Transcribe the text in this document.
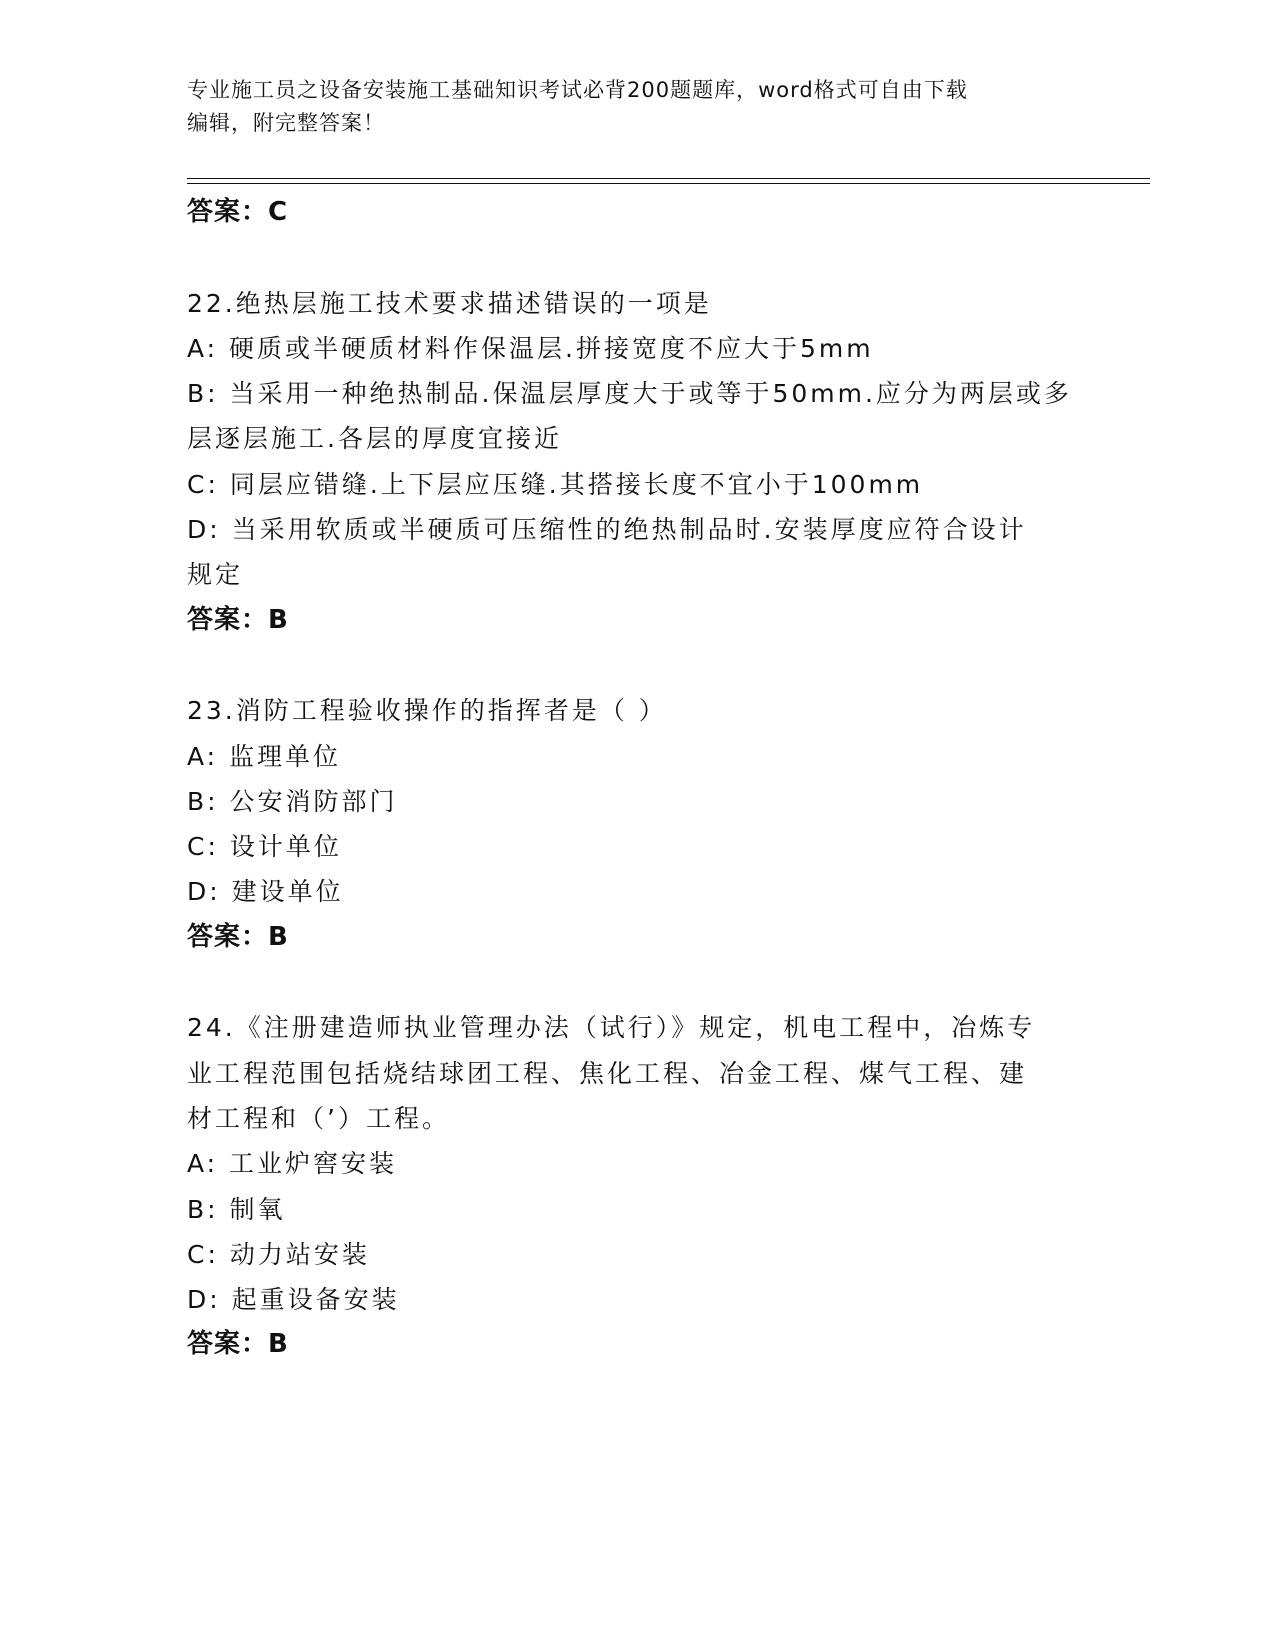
专业施工员之设备安装施工基础知识考试必背200题题库，word格式可自由下载
编辑，附完整答案！
答案：C
22.绝热层施工技术要求描述错误的一项是
A: 硬质或半硬质材料作保温层.拼接宽度不应大于5mm
B: 当采用一种绝热制品.保温层厚度大于或等于50mm.应分为两层或多
层逐层施工.各层的厚度宜接近
C: 同层应错缝.上下层应压缝.其搭接长度不宜小于100mm
D: 当采用软质或半硬质可压缩性的绝热制品时.安装厚度应符合设计
规定
答案：B
23.消防工程验收操作的指挥者是（ ）
A: 监理单位
B: 公安消防部门
C: 设计单位
D: 建设单位
答案：B
24.《注册建造师执业管理办法（试行）》规定，机电工程中，冶炼专
业工程范围包括烧结球团工程、焦化工程、冶金工程、煤气工程、建
材工程和（’）工程。
A: 工业炉窖安装
B: 制氧
C: 动力站安装
D: 起重设备安装
答案：B
